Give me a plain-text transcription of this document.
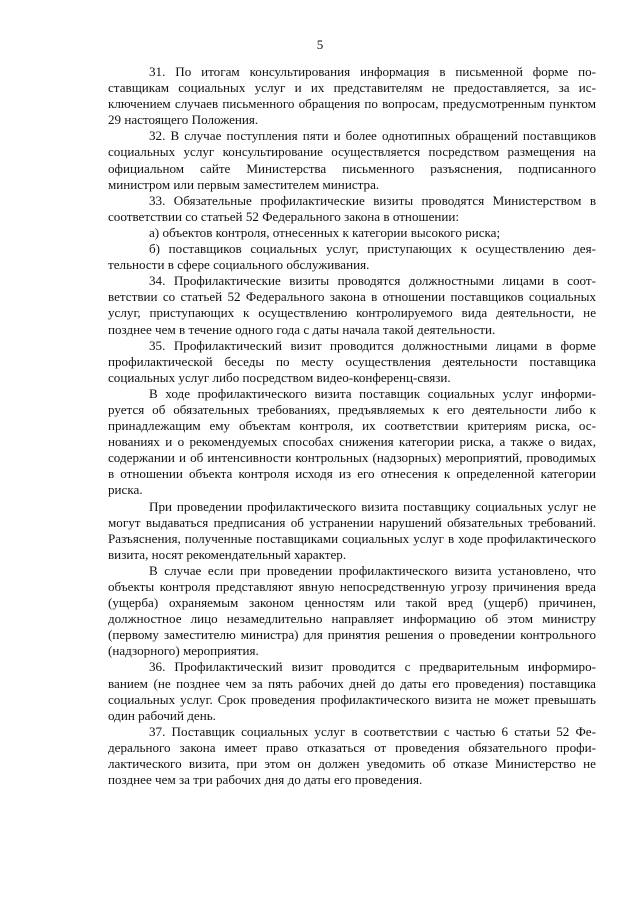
5

31. По итогам консультирования информация в письменной форме поставщикам социальных услуг и их представителям не предоставляется, за исключением случаев письменного обращения по вопросам, предусмотренным пунктом 29 настоящего Положения.

32. В случае поступления пяти и более однотипных обращений поставщиков социальных услуг консультирование осуществляется посредством размещения на официальном сайте Министерства письменного разъяснения, подписанного министром или первым заместителем министра.

33. Обязательные профилактические визиты проводятся Министерством в соответствии со статьей 52 Федерального закона в отношении:

а) объектов контроля, отнесенных к категории высокого риска;

б) поставщиков социальных услуг, приступающих к осуществлению деятельности в сфере социального обслуживания.

34. Профилактические визиты проводятся должностными лицами в соответствии со статьей 52 Федерального закона в отношении поставщиков социальных услуг, приступающих к осуществлению контролируемого вида деятельности, не позднее чем в течение одного года с даты начала такой деятельности.

35. Профилактический визит проводится должностными лицами в форме профилактической беседы по месту осуществления деятельности поставщика социальных услуг либо посредством видео-конференц-связи.

В ходе профилактического визита поставщик социальных услуг информируется об обязательных требованиях, предъявляемых к его деятельности либо к принадлежащим ему объектам контроля, их соответствии критериям риска, основаниях и о рекомендуемых способах снижения категории риска, а также о видах, содержании и об интенсивности контрольных (надзорных) мероприятий, проводимых в отношении объекта контроля исходя из его отнесения к определенной категории риска.

При проведении профилактического визита поставщику социальных услуг не могут выдаваться предписания об устранении нарушений обязательных требований. Разъяснения, полученные поставщиками социальных услуг в ходе профилактического визита, носят рекомендательный характер.

В случае если при проведении профилактического визита установлено, что объекты контроля представляют явную непосредственную угрозу причинения вреда (ущерба) охраняемым законом ценностям или такой вред (ущерб) причинен, должностное лицо незамедлительно направляет информацию об этом министру (первому заместителю министра) для принятия решения о проведении контрольного (надзорного) мероприятия.

36. Профилактический визит проводится с предварительным информированием (не позднее чем за пять рабочих дней до даты его проведения) поставщика социальных услуг. Срок проведения профилактического визита не может превышать один рабочий день.

37. Поставщик социальных услуг в соответствии с частью 6 статьи 52 Федерального закона имеет право отказаться от проведения обязательного профилактического визита, при этом он должен уведомить об отказе Министерство не позднее чем за три рабочих дня до даты его проведения.
